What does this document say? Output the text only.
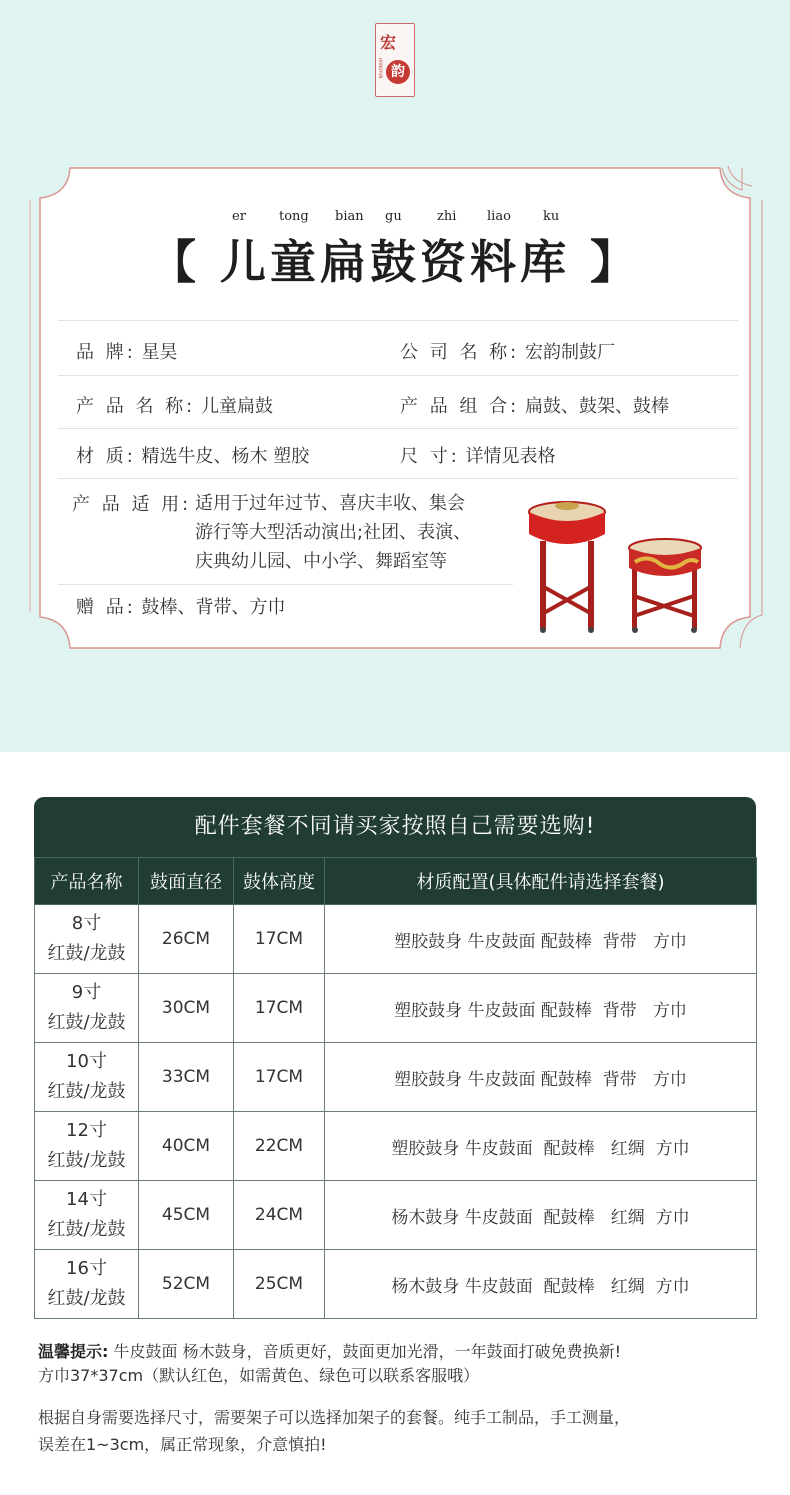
宏
韵
HONGYUN
er	tong bian gu	zhi liao ku
【 儿童扁鼓资料库 】
品 牌: 星昊	公 司 名 称: 宏韵制鼓厂
产 品 名 称: 儿童扁鼓	产 品 组 合: 扁鼓、鼓架、鼓棒
材 质: 精选牛皮、杨木 塑胶	尺 寸: 详情见表格
产 品 适 用: 适用于过年过节、喜庆丰收、集会
游行等大型活动演出;社团、表演、
庆典幼儿园、中小学、舞蹈室等
赠 品: 鼓棒、背带、方巾
配件套餐不同请买家按照自己需要选购!
产品名称	鼓面直径	鼓体高度	材质配置(具体配件请选择套餐)

8寸
红鼓/龙鼓	26CM	17CM	塑胶鼓身 牛皮鼓面 配鼓棒  背带   方巾

9寸
红鼓/龙鼓	30CM	17CM	塑胶鼓身 牛皮鼓面 配鼓棒  背带   方巾

10寸
红鼓/龙鼓	33CM	17CM	塑胶鼓身 牛皮鼓面 配鼓棒  背带   方巾

12寸
红鼓/龙鼓	40CM	22CM	塑胶鼓身 牛皮鼓面  配鼓棒   红绸  方巾

14寸
红鼓/龙鼓	45CM	24CM	杨木鼓身 牛皮鼓面  配鼓棒   红绸  方巾

16寸
红鼓/龙鼓	52CM	25CM	杨木鼓身 牛皮鼓面  配鼓棒   红绸  方巾
温馨提示: 牛皮鼓面 杨木鼓身，音质更好，鼓面更加光滑，一年鼓面打破免费换新!
方巾37*37cm（默认红色，如需黄色、绿色可以联系客服哦）
根据自身需要选择尺寸，需要架子可以选择加架子的套餐。纯手工制品，手工测量，
误差在1~3cm，属正常现象，介意慎拍!
